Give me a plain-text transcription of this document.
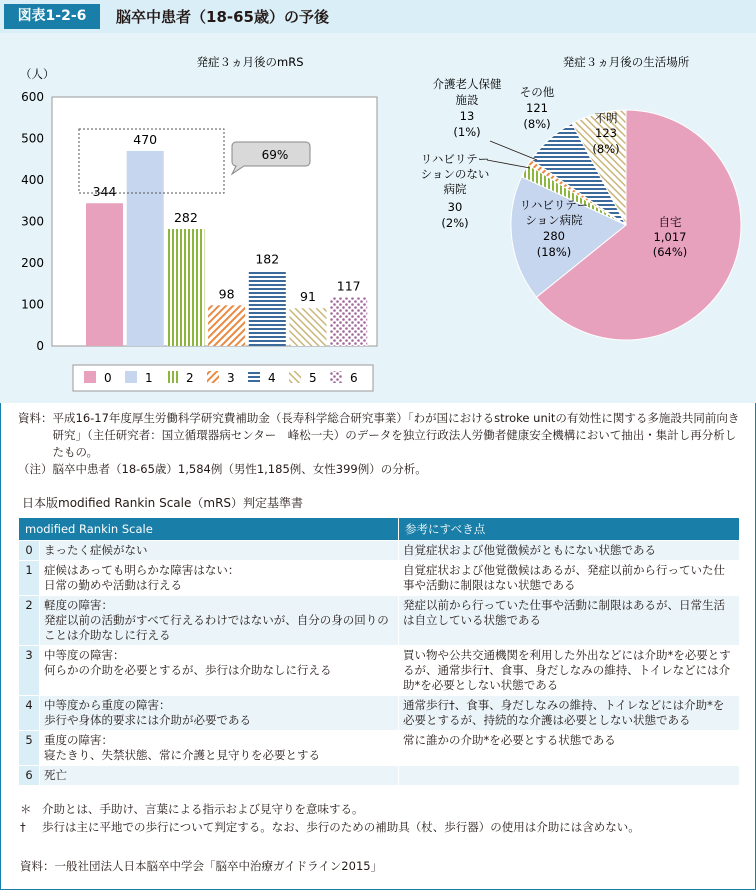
図表1-2-6	脳卒中患者（18-65歳）の予後
発症３ヵ月後のmRS
（人）
0
100
200
300
400
500
600
344
470
282
98
182
91
117
69%
0	1	2	3	4	5	6
発症３ヵ月後の生活場所
自宅
1,017
(64%)
リハビリテー
ション病院
280
(18%)
リハビリテー
ションのない
病院
30
(2%)
介護老人保健
施設
13
(1%)
その他
121
(8%)	不明
123
(8%)
資料： 平成16-17年度厚生労働科学研究費補助金（長寿科学総合研究事業）「わが国におけるstroke unitの有効性に関する多施設共同前向き研究」（主任研究者：国立循環器病センター　峰松一夫）のデータを独立行政法人労働者健康安全機構において抽出・集計し再分析したもの。
（注） 脳卒中患者（18-65歳）1,584例（男性1,185例、女性399例）の分析。
日本版modified Rankin Scale（mRS）判定基準書
modified Rankin Scale		参考にすべき点
0	まったく症候がない	自覚症状および他覚徴候がともにない状態である
1	症候はあっても明らかな障害はない：
日常の勤めや活動は行える	自覚症状および他覚徴候はあるが、発症以前から行っていた仕事や活動に制限はない状態である
2	軽度の障害：
発症以前の活動がすべて行えるわけではないが、自分の身の回りのことは介助なしに行える	発症以前から行っていた仕事や活動に制限はあるが、日常生活は自立している状態である
3	中等度の障害：
何らかの介助を必要とするが、歩行は介助なしに行える	買い物や公共交通機関を利用した外出などには介助*を必要とするが、通常歩行†、食事、身だしなみの維持、トイレなどには介助*を必要としない状態である
4	中等度から重度の障害：
歩行や身体的要求には介助が必要である	通常歩行†、食事、身だしなみの維持、トイレなどには介助*を必要とするが、持続的な介護は必要としない状態である
5	重度の障害：
寝たきり、失禁状態、常に介護と見守りを必要とする	常に誰かの介助*を必要とする状態である
6	死亡	
＊ 介助とは、手助け、言葉による指示および見守りを意味する。
†	歩行は主に平地での歩行について判定する。なお、歩行のための補助具（杖、歩行器）の使用は介助には含めない。
資料：一般社団法人日本脳卒中学会「脳卒中治療ガイドライン2015」
